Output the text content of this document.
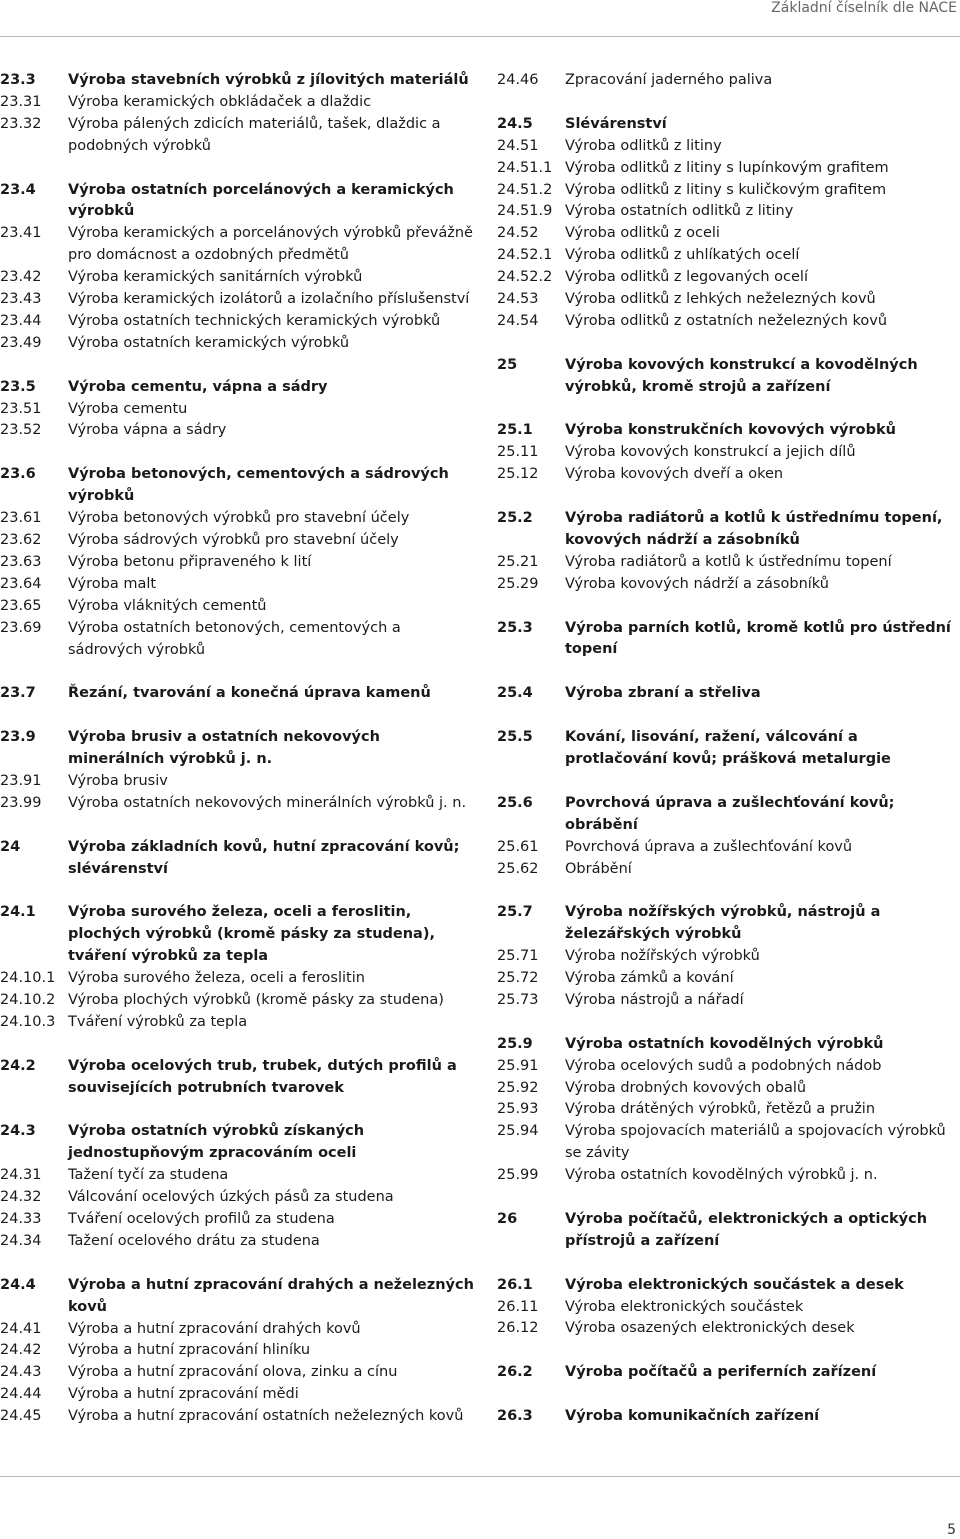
Základní číselník dle NACE
23.3	Výroba stavebních výrobků z jílovitých materiálů
23.31	Výroba keramických obkládaček a dlaždic
23.32	Výroba pálených zdicích materiálů, tašek, dlaždic a podobných výrobků
23.4	Výroba ostatních porcelánových a keramických výrobků
23.41	Výroba keramických a porcelánových výrobků převážně pro domácnost a ozdobných předmětů
23.42	Výroba keramických sanitárních výrobků
23.43	Výroba keramických izolátorů a izolačního příslušenství
23.44	Výroba ostatních technických keramických výrobků
23.49	Výroba ostatních keramických výrobků
23.5	Výroba cementu, vápna a sádry
23.51	Výroba cementu
23.52	Výroba vápna a sádry
23.6	Výroba betonových, cementových a sádrových výrobků
23.61	Výroba betonových výrobků pro stavební účely
23.62	Výroba sádrových výrobků pro stavební účely
23.63	Výroba betonu připraveného k lití
23.64	Výroba malt
23.65	Výroba vláknitých cementů
23.69	Výroba ostatních betonových, cementových a sádrových výrobků
23.7	Řezání, tvarování a konečná úprava kamenů
23.9	Výroba brusiv a ostatních nekovových minerálních výrobků j. n.
23.91	Výroba brusiv
23.99	Výroba ostatních nekovových minerálních výrobků j. n.
24	Výroba základních kovů, hutní zpracování kovů; slévárenství
24.1	Výroba surového železa, oceli a feroslitin, plochých výrobků (kromě pásky za studena), tváření výrobků za tepla
24.10.1 Výroba surového železa, oceli a feroslitin
24.10.2 Výroba plochých výrobků (kromě pásky za studena)
24.10.3 Tváření výrobků za tepla
24.2	Výroba ocelových trub, trubek, dutých profilů a souvisejících potrubních tvarovek
24.3	Výroba ostatních výrobků získaných jednostupňovým zpracováním oceli
24.31	Tažení tyčí za studena
24.32	Válcování ocelových úzkých pásů za studena
24.33	Tváření ocelových profilů za studena
24.34	Tažení ocelového drátu za studena
24.4	Výroba a hutní zpracování drahých a neželezných kovů
24.41	Výroba a hutní zpracování drahých kovů
24.42	Výroba a hutní zpracování hliníku
24.43	Výroba a hutní zpracování olova, zinku a cínu
24.44	Výroba a hutní zpracování mědi
24.45	Výroba a hutní zpracování ostatních neželezných kovů
24.46	Zpracování jaderného paliva
24.5	Slévárenství
24.51	Výroba odlitků z litiny
24.51.1 Výroba odlitků z litiny s lupínkovým grafitem
24.51.2 Výroba odlitků z litiny s kuličkovým grafitem
24.51.9 Výroba ostatních odlitků z litiny
24.52	Výroba odlitků z oceli
24.52.1 Výroba odlitků z uhlíkatých ocelí
24.52.2 Výroba odlitků z legovaných ocelí
24.53	Výroba odlitků z lehkých neželezných kovů
24.54	Výroba odlitků z ostatních neželezných kovů
25	Výroba kovových konstrukcí a kovodělných výrobků, kromě strojů a zařízení
25.1	Výroba konstrukčních kovových výrobků
25.11	Výroba kovových konstrukcí a jejich dílů
25.12	Výroba kovových dveří a oken
25.2	Výroba radiátorů a kotlů k ústřednímu topení, kovových nádrží a zásobníků
25.21	Výroba radiátorů a kotlů k ústřednímu topení
25.29	Výroba kovových nádrží a zásobníků
25.3	Výroba parních kotlů, kromě kotlů pro ústřední topení
25.4	Výroba zbraní a střeliva
25.5	Kování, lisování, ražení, válcování a protlačování kovů; prášková metalurgie
25.6	Povrchová úprava a zušlechťování kovů; obrábění
25.61	Povrchová úprava a zušlechťování kovů
25.62	Obrábění
25.7	Výroba nožířských výrobků, nástrojů a železářských výrobků
25.71	Výroba nožířských výrobků
25.72	Výroba zámků a kování
25.73	Výroba nástrojů a nářadí
25.9	Výroba ostatních kovodělných výrobků
25.91	Výroba ocelových sudů a podobných nádob
25.92	Výroba drobných kovových obalů
25.93	Výroba drátěných výrobků, řetězů a pružin
25.94	Výroba spojovacích materiálů a spojovacích výrobků se závity
25.99	Výroba ostatních kovodělných výrobků j. n.
26	Výroba počítačů, elektronických a optických přístrojů a zařízení
26.1	Výroba elektronických součástek a desek
26.11	Výroba elektronických součástek
26.12	Výroba osazených elektronických desek
26.2	Výroba počítačů a periferních zařízení
26.3	Výroba komunikačních zařízení
5
